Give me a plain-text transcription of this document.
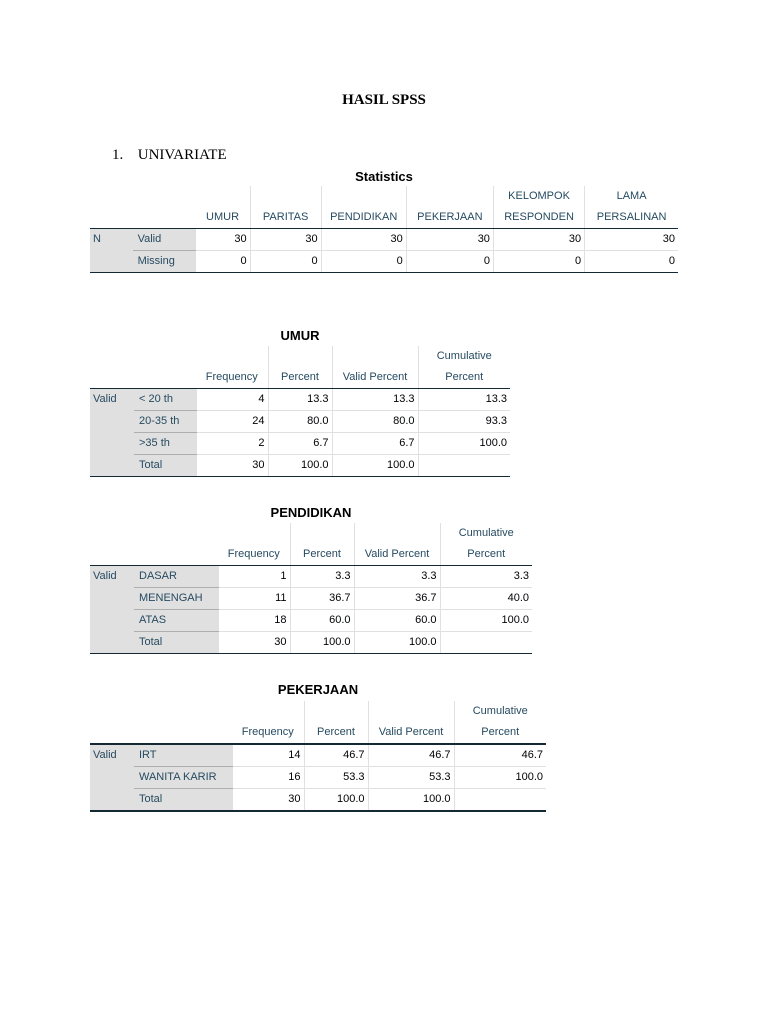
HASIL SPSS
1. UNIVARIATE
Statistics
						KELOMPOK	LAMA
		UMUR	PARITAS	PENDIDIKAN	PEKERJAAN	RESPONDEN	PERSALINAN
N	Valid	30	30	30	30	30	30
	Missing	0	0	0	0	0	0
UMUR
					Cumulative
		Frequency	Percent	Valid Percent	Percent
Valid	< 20 th	4	13.3	13.3	13.3
	20-35 th	24	80.0	80.0	93.3
	>35 th	2	6.7	6.7	100.0
	Total	30	100.0	100.0	
PENDIDIKAN
					Cumulative
		Frequency	Percent	Valid Percent	Percent
Valid	DASAR	1	3.3	3.3	3.3
	MENENGAH	11	36.7	36.7	40.0
	ATAS	18	60.0	60.0	100.0
	Total	30	100.0	100.0	
PEKERJAAN
					Cumulative
		Frequency	Percent	Valid Percent	Percent
Valid	IRT	14	46.7	46.7	46.7
	WANITA KARIR	16	53.3	53.3	100.0
	Total	30	100.0	100.0	
